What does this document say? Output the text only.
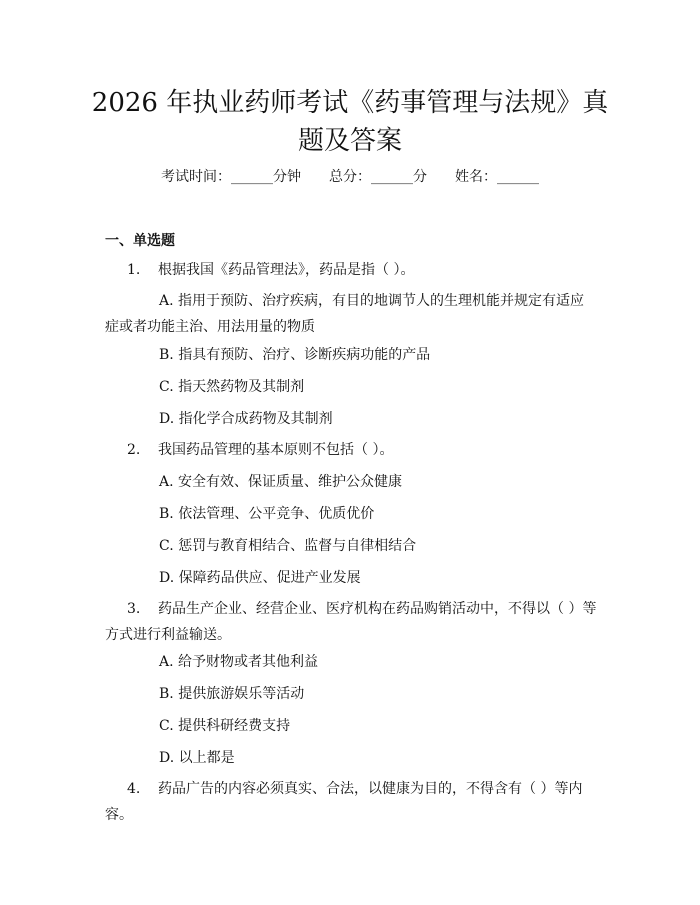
2026 年执业药师考试《药事管理与法规》真
题及答案
考试时间：______分钟　　总分：______分　　姓名：______
一、单选题
1. 根据我国《药品管理法》，药品是指（ ）。
A. 指用于预防、治疗疾病，有目的地调节人的生理机能并规定有适应症或者功能主治、用法用量的物质
B. 指具有预防、治疗、诊断疾病功能的产品
C. 指天然药物及其制剂
D. 指化学合成药物及其制剂
2. 我国药品管理的基本原则不包括（ ）。
A. 安全有效、保证质量、维护公众健康
B. 依法管理、公平竞争、优质优价
C. 惩罚与教育相结合、监督与自律相结合
D. 保障药品供应、促进产业发展
3. 药品生产企业、经营企业、医疗机构在药品购销活动中，不得以（ ）等方式进行利益输送。
A. 给予财物或者其他利益
B. 提供旅游娱乐等活动
C. 提供科研经费支持
D. 以上都是
4. 药品广告的内容必须真实、合法，以健康为目的，不得含有（ ）等内容。
